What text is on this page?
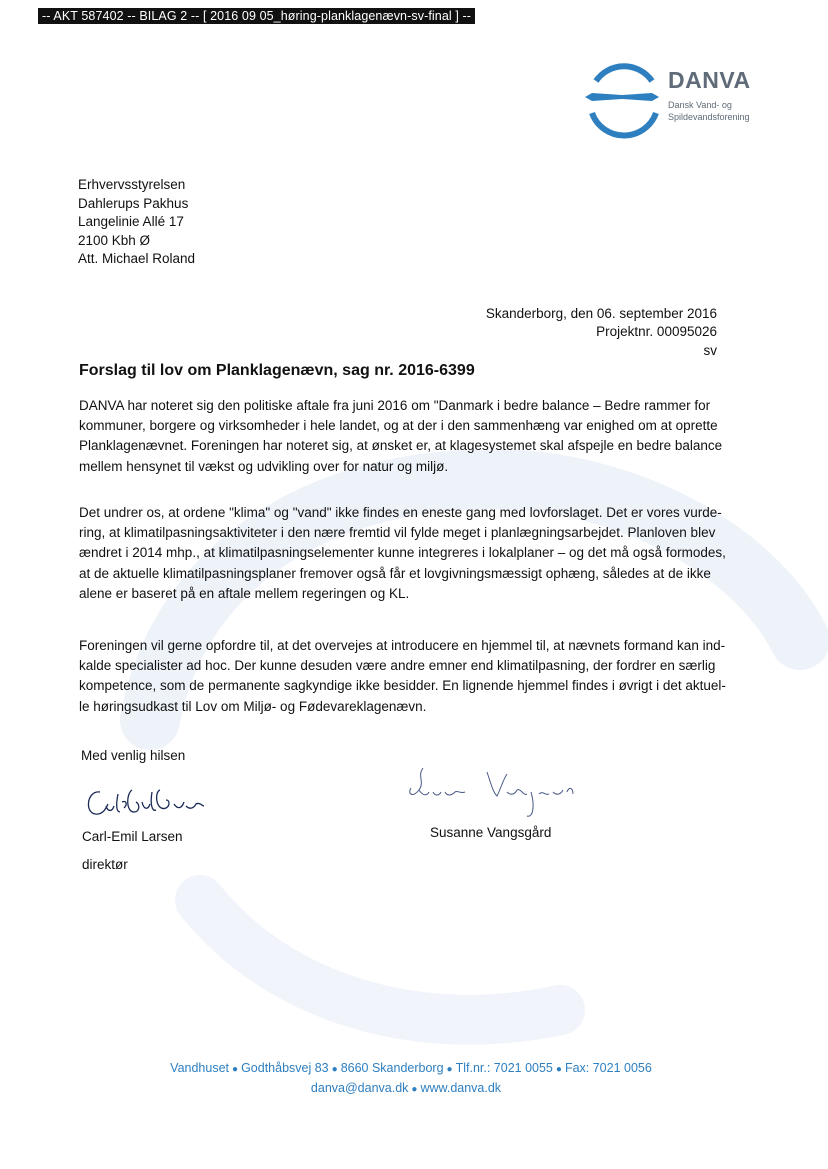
-- AKT 587402 -- BILAG 2 -- [ 2016 09 05_høring-planklagenævn-sv-final ] --
DANVA
Dansk Vand- og
Spildevandsforening
Erhvervsstyrelsen
Dahlerups Pakhus
Langelinie Allé 17
2100 Kbh Ø
Att. Michael Roland
Skanderborg, den 06. september 2016
Projektnr. 00095026
sv
Forslag til lov om Planklagenævn, sag nr. 2016-6399
DANVA har noteret sig den politiske aftale fra juni 2016 om "Danmark i bedre balance – Bedre rammer for
kommuner, borgere og virksomheder i hele landet, og at der i den sammenhæng var enighed om at oprette
Planklagenævnet. Foreningen har noteret sig, at ønsket er, at klagesystemet skal afspejle en bedre balance
mellem hensynet til vækst og udvikling over for natur og miljø.
Det undrer os, at ordene "klima" og "vand" ikke findes en eneste gang med lovforslaget. Det er vores vurde-
ring, at klimatilpasningsaktiviteter i den nære fremtid vil fylde meget i planlægningsarbejdet. Planloven blev
ændret i 2014 mhp., at klimatilpasningselementer kunne integreres i lokalplaner – og det må også formodes,
at de aktuelle klimatilpasningsplaner fremover også får et lovgivningsmæssigt ophæng, således at de ikke
alene er baseret på en aftale mellem regeringen og KL.
Foreningen vil gerne opfordre til, at det overvejes at introducere en hjemmel til, at nævnets formand kan ind-
kalde specialister ad hoc. Der kunne desuden være andre emner end klimatilpasning, der fordrer en særlig
kompetence, som de permanente sagkyndige ikke besidder. En lignende hjemmel findes i øvrigt i det aktuel-
le høringsudkast til Lov om Miljø- og Fødevareklagenævn.
Med venlig hilsen
Carl-Emil Larsen
direktør
Susanne Vangsgård
Vandhuset ● Godthåbsvej 83 ● 8660 Skanderborg ● Tlf.nr.: 7021 0055 ● Fax: 7021 0056
danva@danva.dk ● www.danva.dk
